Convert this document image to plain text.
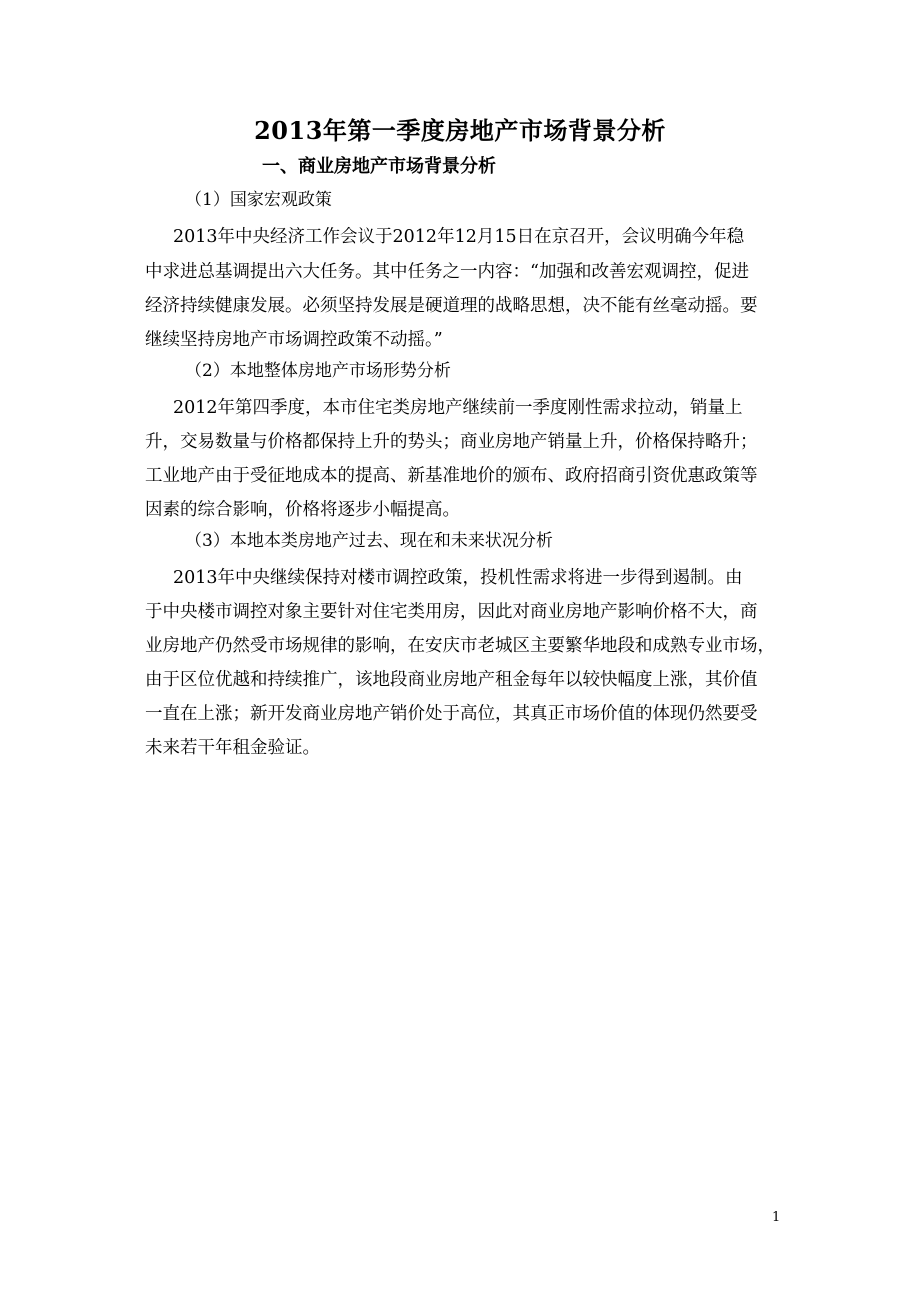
2013年第一季度房地产市场背景分析
一、商业房地产市场背景分析
（1）国家宏观政策
2013年中央经济工作会议于2012年12月15日在京召开，会议明确今年稳
中求进总基调提出六大任务。其中任务之一内容：“加强和改善宏观调控，促进
经济持续健康发展。必须坚持发展是硬道理的战略思想，决不能有丝毫动摇。要
继续坚持房地产市场调控政策不动摇。”
（2）本地整体房地产市场形势分析
2012年第四季度，本市住宅类房地产继续前一季度刚性需求拉动，销量上
升，交易数量与价格都保持上升的势头；商业房地产销量上升，价格保持略升；
工业地产由于受征地成本的提高、新基准地价的颁布、政府招商引资优惠政策等
因素的综合影响，价格将逐步小幅提高。
（3）本地本类房地产过去、现在和未来状况分析
2013年中央继续保持对楼市调控政策，投机性需求将进一步得到遏制。由
于中央楼市调控对象主要针对住宅类用房，因此对商业房地产影响价格不大，商
业房地产仍然受市场规律的影响，在安庆市老城区主要繁华地段和成熟专业市场，
由于区位优越和持续推广，该地段商业房地产租金每年以较快幅度上涨，其价值
一直在上涨；新开发商业房地产销价处于高位，其真正市场价值的体现仍然要受
未来若干年租金验证。
1
